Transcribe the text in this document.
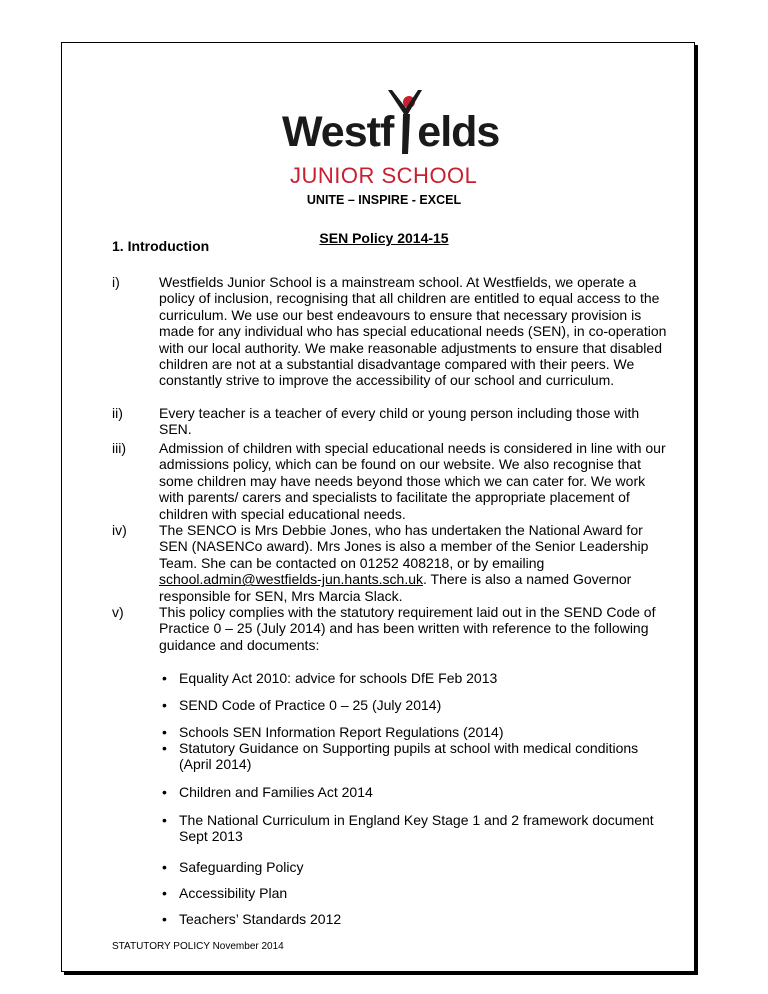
Westf elds
JUNIOR SCHOOL
UNITE – INSPIRE - EXCEL
SEN Policy 2014-15
1. Introduction
i)	Westfields Junior School is a mainstream school. At Westfields, we operate a policy of inclusion, recognising that all children are entitled to equal access to the curriculum. We use our best endeavours to ensure that necessary provision is made for any individual who has special educational needs (SEN), in co-operation with our local authority. We make reasonable adjustments to ensure that disabled children are not at a substantial disadvantage compared with their peers. We constantly strive to improve the accessibility of our school and curriculum.
ii)	Every teacher is a teacher of every child or young person including those with SEN.
iii)	Admission of children with special educational needs is considered in line with our admissions policy, which can be found on our website. We also recognise that some children may have needs beyond those which we can cater for. We work with parents/ carers and specialists to facilitate the appropriate placement of children with special educational needs.
iv)	The SENCO is Mrs Debbie Jones, who has undertaken the National Award for SEN (NASENCo award). Mrs Jones is also a member of the Senior Leadership Team. She can be contacted on 01252 408218, or by emailing school.admin@westfields-jun.hants.sch.uk. There is also a named Governor responsible for SEN, Mrs Marcia Slack.
v)	This policy complies with the statutory requirement laid out in the SEND Code of Practice 0 – 25 (July 2014) and has been written with reference to the following guidance and documents:
• Equality Act 2010: advice for schools DfE Feb 2013
• SEND Code of Practice 0 – 25 (July 2014)
• Schools SEN Information Report Regulations (2014)
• Statutory Guidance on Supporting pupils at school with medical conditions (April 2014)
• Children and Families Act 2014
• The National Curriculum in England Key Stage 1 and 2 framework document Sept 2013
• Safeguarding Policy
• Accessibility Plan
• Teachers’ Standards 2012
STATUTORY POLICY November 2014
